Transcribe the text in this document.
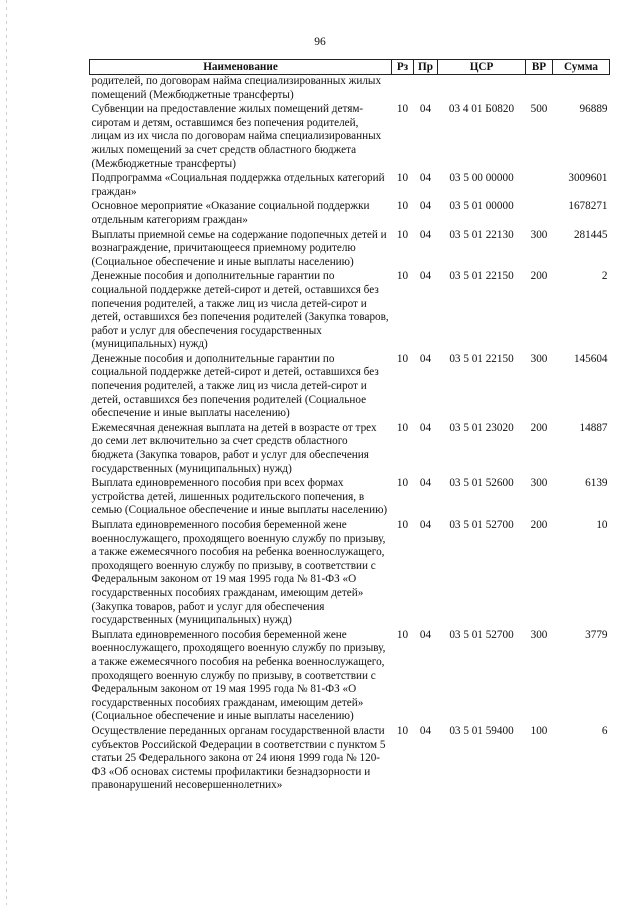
96
Наименование	Рз	Пр	ЦСР	ВР	Сумма
родителей, по договорам найма специализированных жилых помещений (Межбюджетные трансферты)					
Субвенции на предоставление жилых помещений детям-сиротам и детям, оставшимся без попечения родителей, лицам из их числа по договорам найма специализированных жилых помещений за счет средств областного бюджета (Межбюджетные трансферты)	10	04	03 4 01 Б0820	500	96889
Подпрограмма «Социальная поддержка отдельных категорий граждан»	10	04	03 5 00 00000		3009601
Основное мероприятие «Оказание социальной поддержки отдельным категориям граждан»	10	04	03 5 01 00000		1678271
Выплаты приемной семье на содержание подопечных детей и вознаграждение, причитающееся приемному родителю (Социальное обеспечение и иные выплаты населению)	10	04	03 5 01 22130	300	281445
Денежные пособия и дополнительные гарантии по социальной поддержке детей-сирот и детей, оставшихся без попечения родителей, а также лиц из числа детей-сирот и детей, оставшихся без попечения родителей (Закупка товаров, работ и услуг для обеспечения государственных (муниципальных) нужд)	10	04	03 5 01 22150	200	2
Денежные пособия и дополнительные гарантии по социальной поддержке детей-сирот и детей, оставшихся без попечения родителей, а также лиц из числа детей-сирот и детей, оставшихся без попечения родителей (Социальное обеспечение и иные выплаты населению)	10	04	03 5 01 22150	300	145604
Ежемесячная денежная выплата на детей в возрасте от трех до семи лет включительно за счет средств областного бюджета (Закупка товаров, работ и услуг для обеспечения государственных (муниципальных) нужд)	10	04	03 5 01 23020	200	14887
Выплата единовременного пособия при всех формах устройства детей, лишенных родительского попечения, в семью (Социальное обеспечение и иные выплаты населению)	10	04	03 5 01 52600	300	6139
Выплата единовременного пособия беременной жене военнослужащего, проходящего военную службу по призыву, а также ежемесячного пособия на ребенка военнослужащего, проходящего военную службу по призыву, в соответствии с Федеральным законом от 19 мая 1995 года № 81-ФЗ «О государственных пособиях гражданам, имеющим детей» (Закупка товаров, работ и услуг для обеспечения государственных (муниципальных) нужд)	10	04	03 5 01 52700	200	10
Выплата единовременного пособия беременной жене военнослужащего, проходящего военную службу по призыву, а также ежемесячного пособия на ребенка военнослужащего, проходящего военную службу по призыву, в соответствии с Федеральным законом от 19 мая 1995 года № 81-ФЗ «О государственных пособиях гражданам, имеющим детей» (Социальное обеспечение и иные выплаты населению)	10	04	03 5 01 52700	300	3779
Осуществление переданных органам государственной власти субъектов Российской Федерации в соответствии с пунктом 5 статьи 25 Федерального закона от 24 июня 1999 года № 120-ФЗ «Об основах системы профилактики безнадзорности и правонарушений несовершеннолетних»	10	04	03 5 01 59400	100	6
